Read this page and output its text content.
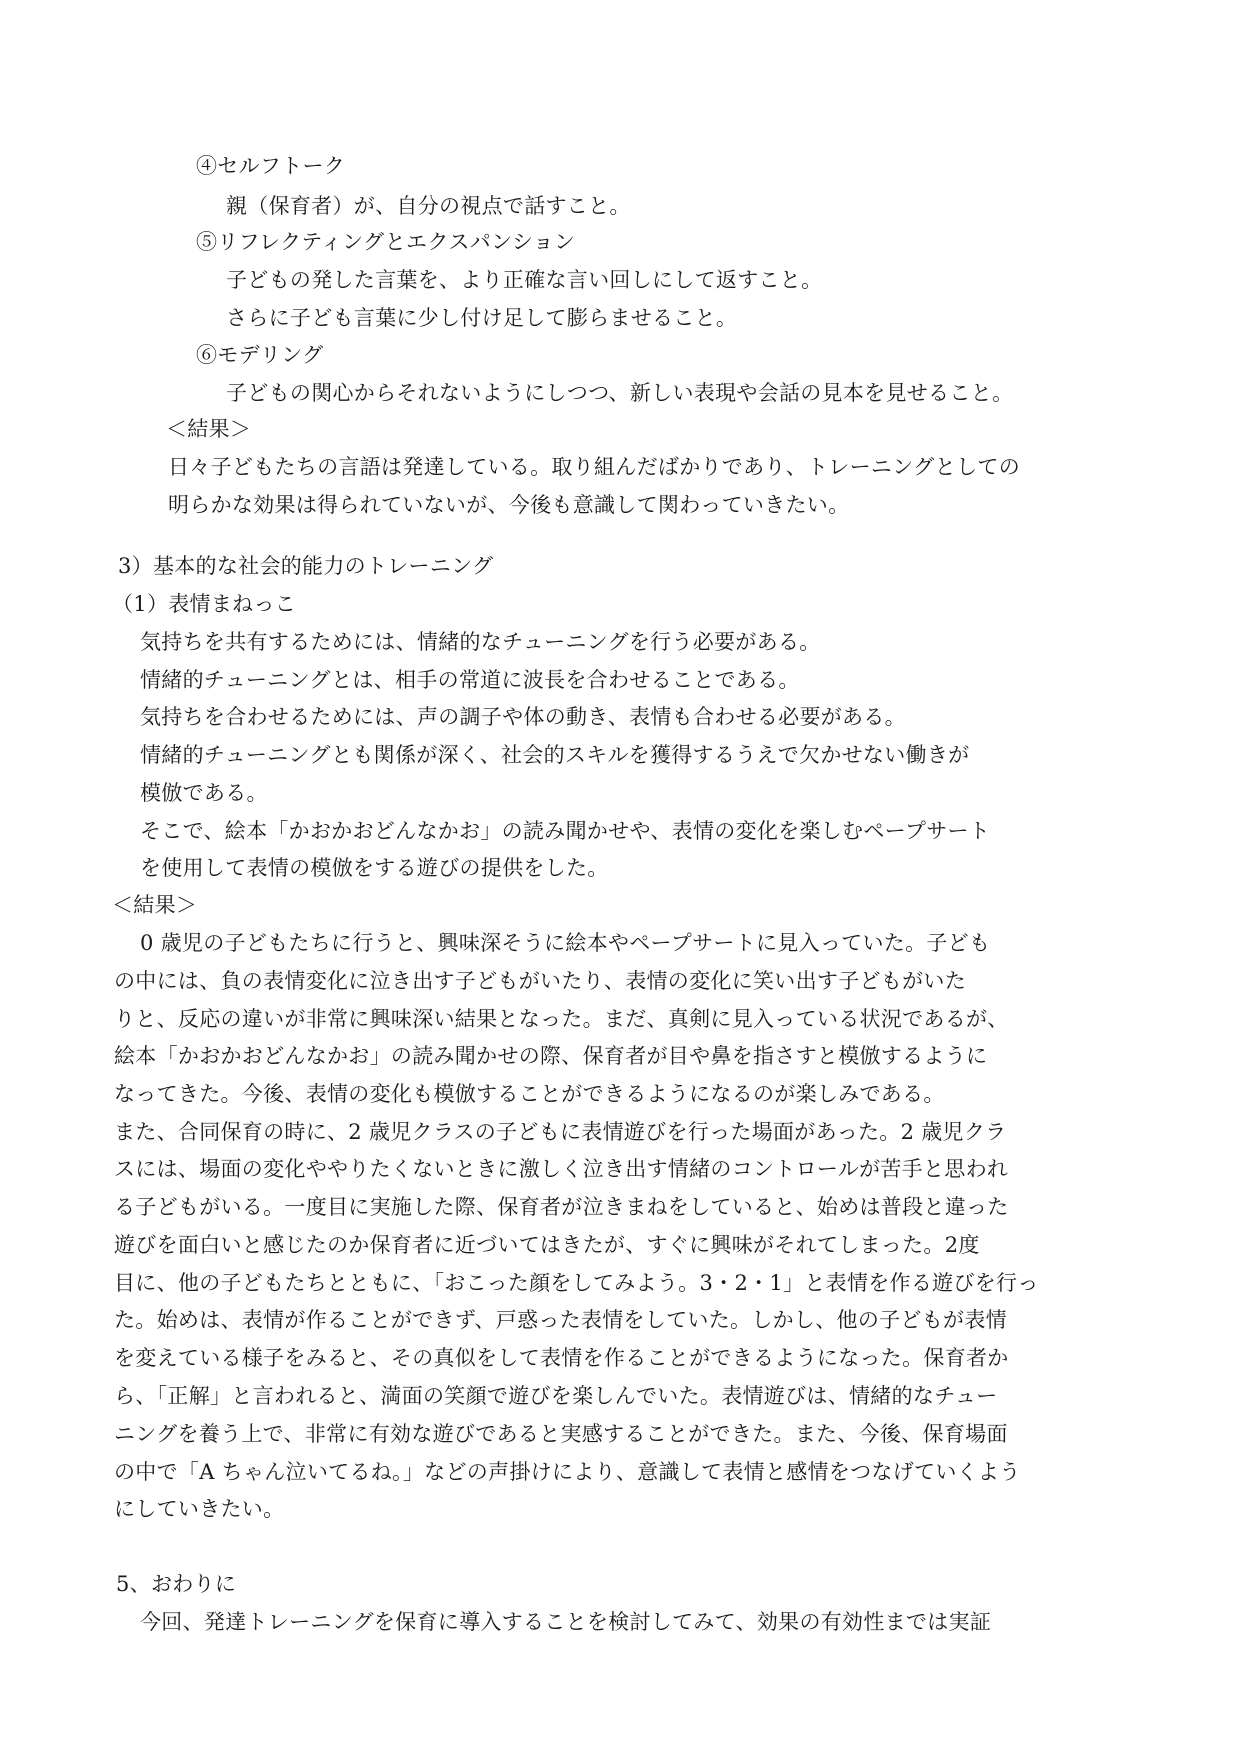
④セルフトーク
親（保育者）が、自分の視点で話すこと。
⑤リフレクティングとエクスパンション
子どもの発した言葉を、より正確な言い回しにして返すこと。
さらに子ども言葉に少し付け足して膨らませること。
⑥モデリング
子どもの関心からそれないようにしつつ、新しい表現や会話の見本を見せること。
＜結果＞
日々子どもたちの言語は発達している。取り組んだばかりであり、トレーニングとしての
明らかな効果は得られていないが、今後も意識して関わっていきたい。
3）基本的な社会的能力のトレーニング
（1）表情まねっこ
気持ちを共有するためには、情緒的なチューニングを行う必要がある。
情緒的チューニングとは、相手の常道に波長を合わせることである。
気持ちを合わせるためには、声の調子や体の動き、表情も合わせる必要がある。
情緒的チューニングとも関係が深く、社会的スキルを獲得するうえで欠かせない働きが
模倣である。
そこで、絵本「かおかおどんなかお」の読み聞かせや、表情の変化を楽しむペープサート
を使用して表情の模倣をする遊びの提供をした。
＜結果＞
0 歳児の子どもたちに行うと、興味深そうに絵本やペープサートに見入っていた。子ども
の中には、負の表情変化に泣き出す子どもがいたり、表情の変化に笑い出す子どもがいた
りと、反応の違いが非常に興味深い結果となった。まだ、真剣に見入っている状況であるが、
絵本「かおかおどんなかお」の読み聞かせの際、保育者が目や鼻を指さすと模倣するように
なってきた。今後、表情の変化も模倣することができるようになるのが楽しみである。
また、合同保育の時に、2 歳児クラスの子どもに表情遊びを行った場面があった。2 歳児クラ
スには、場面の変化ややりたくないときに激しく泣き出す情緒のコントロールが苦手と思われ
る子どもがいる。一度目に実施した際、保育者が泣きまねをしていると、始めは普段と違った
遊びを面白いと感じたのか保育者に近づいてはきたが、すぐに興味がそれてしまった。2度
目に、他の子どもたちとともに、「おこった顔をしてみよう。3・2・1」と表情を作る遊びを行っ
た。始めは、表情が作ることができず、戸惑った表情をしていた。しかし、他の子どもが表情
を変えている様子をみると、その真似をして表情を作ることができるようになった。保育者か
ら、「正解」と言われると、満面の笑顔で遊びを楽しんでいた。表情遊びは、情緒的なチュー
ニングを養う上で、非常に有効な遊びであると実感することができた。また、今後、保育場面
の中で「A ちゃん泣いてるね。」などの声掛けにより、意識して表情と感情をつなげていくよう
にしていきたい。
5、おわりに
今回、発達トレーニングを保育に導入することを検討してみて、効果の有効性までは実証
